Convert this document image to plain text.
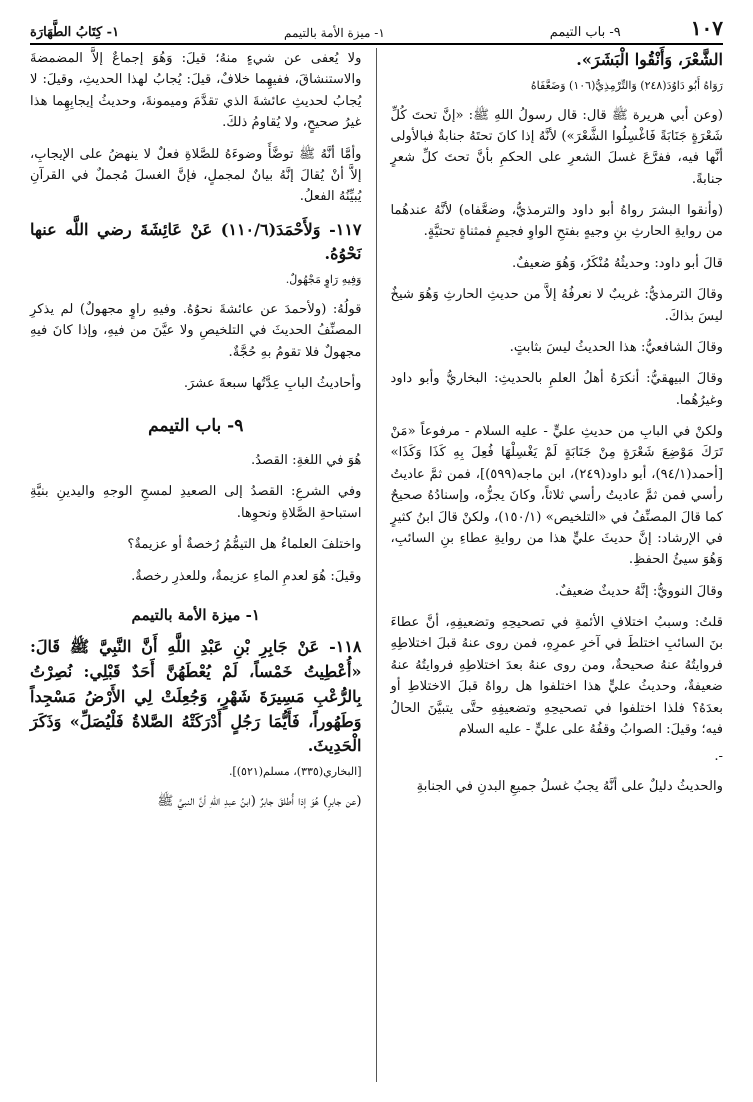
١٠٧
٩- باب التيمم
١- ميزة الأمة بالتيمم
١- كِتَابُ الطَّهَارَة

الشَّعْرَ، وَأَنْقُوا الْبَشَرَ».

رَوَاهُ أَبُو دَاوُدَ(٢٤٨) وَالتِّرْمِذِيُّ(١٠٦) وَضَعَّفَاهُ

(وعن أبي هريرة ﷺ قال: قال رسولُ اللهِ ﷺ: «إنَّ تحتَ كُلِّ شَعْرَةٍ جَنَابَةً فَاغْسِلُوا الشَّعْرَ») لأنَّهُ إذا كانَ تحتَهُ جنابةٌ فبالأولى أنَّها فيه، ففرَّعَ غسلَ الشعرِ على الحكمِ بأنَّ تحتَ كلِّ شعرٍ جنابةً.

(وأنقوا البشرَ رواهُ أبو داود والترمذيُّ، وضعَّفاه) لأنَّهُ عندهُما من روايةِ الحارثِ بنِ وجيهٍ بفتحِ الواوِ فجيمٍ فمثناةٍ تحتيَّةٍ.

قالَ أبو داود: وحديثُهُ مُنْكَرٌ، وَهُوَ ضعيفٌ.

وقالَ الترمذيُّ: غريبٌ لا نعرفُهُ إلاَّ من حديثِ الحارثِ وَهُوَ شيخٌ ليسَ بذاكَ.

وقالَ الشافعيُّ: هذا الحديثُ ليسَ بثابتٍ.

وقالَ البيهقيُّ: أنكرَهُ أهلُ العلمِ بالحديثِ: البخاريُّ وأبو داود وغيرُهُما.

ولكنْ في البابِ من حديثِ عليٍّ - عليه السلام - مرفوعاً «مَنْ تَرَكَ مَوْضِعَ شَعْرَةٍ مِنْ جَنَابَةٍ لَمْ يَغْسِلْهَا فُعِلَ بِهِ كَذَا وَكَذَا» [أحمد(٩٤/١)، أبو داود(٢٤٩)، ابن ماجه(٥٩٩)]، فمن ثمَّ عاديتُ رأسي فمن ثمَّ عاديتُ رأسي ثلاثاً، وكانَ يجزُّه، وإسنادُهُ صحيحٌ كما قالَ المصنِّفُ في «التلخيص» (١٥٠/١)، ولكنْ قالَ ابنُ كثيرٍ في الإرشاد: إنَّ حديثَ عليٍّ هذا من روايةِ عطاءِ بنِ السائبِ، وَهُوَ سيئُ الحفظِ.

وقالَ النوويُّ: إنَّهُ حديثٌ ضعيفٌ.

قلتُ: وسببُ اختلافِ الأئمةِ في تصحيحِهِ وتضعيفِهِ، أنَّ عطاءَ بنَ السائبِ اختلطَ في آخرِ عمرِهِ، فمن روى عنهُ قبلَ اختلاطِهِ فروايتُهُ عنهُ صحيحةٌ، ومن روى عنهُ بعدَ اختلاطِهِ فروايتُهُ عنهُ ضعيفةٌ، وحديثُ عليٍّ هذا اختلفوا هل رواهُ قبلَ الاختلاطِ أو بعدَهُ؟ فلذا اختلفوا في تصحيحِهِ وتضعيفِهِ حتَّى يتبيَّنَ الحالُ فيه؛ وقيلَ: الصوابُ وقفُهُ على عليٍّ - عليه السلام

-.

والحديثُ دليلٌ على أنَّهُ يجبُ غسلُ جميعِ البدنِ في الجنابةِ

ولا يُعفى عن شيءٍ منهُ؛ قيلَ: وَهُوَ إجماعٌ إلاَّ المضمضةَ والاستنشاقَ، ففيهِما خلافٌ، قيلَ: يُجابُ لهذا الحديثِ، وقيلَ: لا يُجابُ لحديثِ عائشةَ الذي تقدَّمَ وميمونةَ، وحديثُ إيجابِهِما هذا غيرُ صحيحٍ، ولا يُقاومُ ذلكَ.

وأمَّا أنَّهُ ﷺ توضَّأَ وضوءَهُ للصَّلاةِ فعلٌ لا ينهضُ على الإيجابِ، إلاَّ أنْ يُقالَ إنَّهُ بيانٌ لمجملٍ، فإنَّ الغسلَ مُجملٌ في القرآنِ يُبيِّنُهُ الفعلُ.

١١٧- وَلأَحْمَدَ(١١٠/٦) عَنْ عَائِشَةَ رضي اللَّه عنها نَحْوُهُ.

وَفِيهِ رَاوٍ مَجْهُولٌ.

قولُهُ: (ولأحمدَ عن عائشةَ نحوُهُ. وفيهِ راوٍ مجهولٌ) لم يذكرِ المصنِّفُ الحديثَ في التلخيصِ ولا عيَّنَ من فيهِ، وإذا كانَ فيهِ مجهولٌ فلا تقومُ بهِ حُجَّةٌ.

وأحاديثُ البابِ عِدَّتُها سبعةَ عشرَ.

٩- باب التيمم

هُوَ في اللغةِ: القصدُ.

وفي الشرعِ: القصدُ إلى الصعيدِ لمسحِ الوجهِ واليدينِ بنيَّةِ استباحةِ الصَّلاةِ ونحوِها.

واختلفَ العلماءُ هل التيمُّمُ رُخصةٌ أو عزيمةٌ؟

وقيلَ: هُوَ لعدمِ الماءِ عزيمةٌ، وللعذرِ رخصةٌ.

١- ميزة الأمة بالتيمم

١١٨- عَنْ جَابِرِ بْنِ عَبْدِ اللَّهِ أَنَّ النَّبِيَّ ﷺ قَالَ: «أُعْطِيتُ خَمْساً، لَمْ يُعْطَهُنَّ أَحَدٌ قَبْلِي: نُصِرْتُ بِالرُّعْبِ مَسِيرَةَ شَهْرٍ، وَجُعِلَتْ لِي الأَرْضُ مَسْجِداً وَطَهُوراً، فَأَيُّمَا رَجُلٍ أَدْرَكَتْهُ الصَّلاةُ فَلْيُصَلِّ» وَذَكَرَ الْحَدِيثَ.

[البخاري(٣٣٥)، مسلم(٥٢١)].

(عن جابرٍ) هُوَ إذا أُطلقَ جابرٌ (ابنُ عبدِ اللهِ أنَّ النبيَّ ﷺ
